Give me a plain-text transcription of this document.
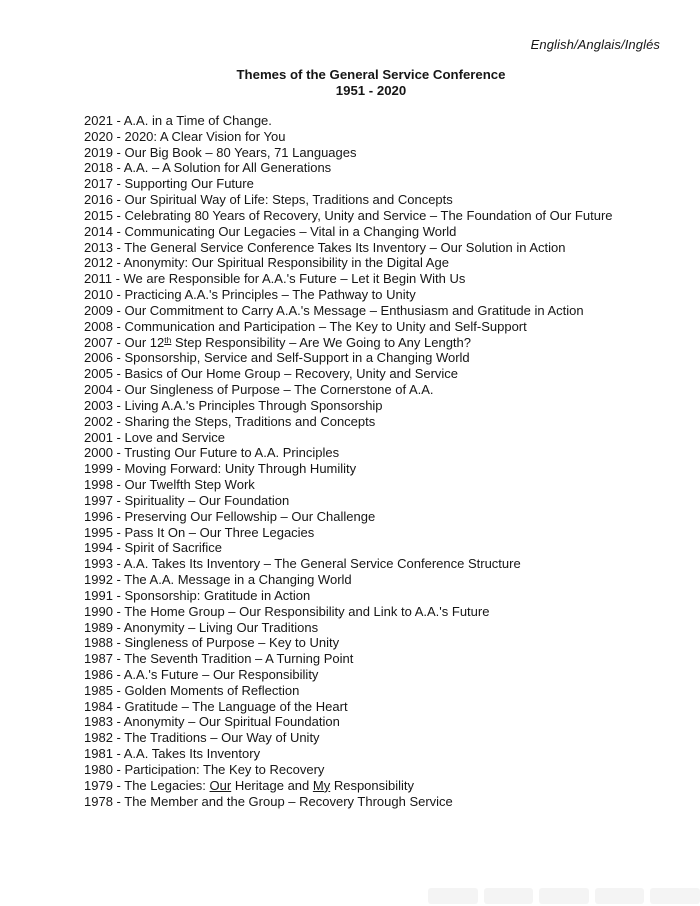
English/Anglais/Inglés
Themes of the General Service Conference
1951 - 2020
2021 - A.A. in a Time of Change.
2020 - 2020: A Clear Vision for You
2019 - Our Big Book – 80 Years, 71 Languages
2018 - A.A. – A Solution for All Generations
2017 - Supporting Our Future
2016 - Our Spiritual Way of Life: Steps, Traditions and Concepts
2015 - Celebrating 80 Years of Recovery, Unity and Service – The Foundation of Our Future
2014 - Communicating Our Legacies – Vital in a Changing World
2013 - The General Service Conference Takes Its Inventory – Our Solution in Action
2012 - Anonymity: Our Spiritual Responsibility in the Digital Age
2011 - We are Responsible for A.A.'s Future – Let it Begin With Us
2010 - Practicing A.A.'s Principles – The Pathway to Unity
2009 - Our Commitment to Carry A.A.'s Message – Enthusiasm and Gratitude in Action
2008 - Communication and Participation – The Key to Unity and Self-Support
2007 - Our 12th Step Responsibility – Are We Going to Any Length?
2006 - Sponsorship, Service and Self-Support in a Changing World
2005 - Basics of Our Home Group – Recovery, Unity and Service
2004 - Our Singleness of Purpose – The Cornerstone of A.A.
2003 - Living A.A.'s Principles Through Sponsorship
2002 - Sharing the Steps, Traditions and Concepts
2001 - Love and Service
2000 - Trusting Our Future to A.A. Principles
1999 - Moving Forward: Unity Through Humility
1998 - Our Twelfth Step Work
1997 - Spirituality – Our Foundation
1996 - Preserving Our Fellowship – Our Challenge
1995 - Pass It On – Our Three Legacies
1994 - Spirit of Sacrifice
1993 - A.A. Takes Its Inventory – The General Service Conference Structure
1992 - The A.A. Message in a Changing World
1991 - Sponsorship: Gratitude in Action
1990 - The Home Group – Our Responsibility and Link to A.A.'s Future
1989 - Anonymity – Living Our Traditions
1988 - Singleness of Purpose – Key to Unity
1987 - The Seventh Tradition – A Turning Point
1986 - A.A.'s Future – Our Responsibility
1985 - Golden Moments of Reflection
1984 - Gratitude – The Language of the Heart
1983 - Anonymity – Our Spiritual Foundation
1982 - The Traditions – Our Way of Unity
1981 - A.A. Takes Its Inventory
1980 - Participation: The Key to Recovery
1979 - The Legacies: Our Heritage and My Responsibility
1978 - The Member and the Group – Recovery Through Service
